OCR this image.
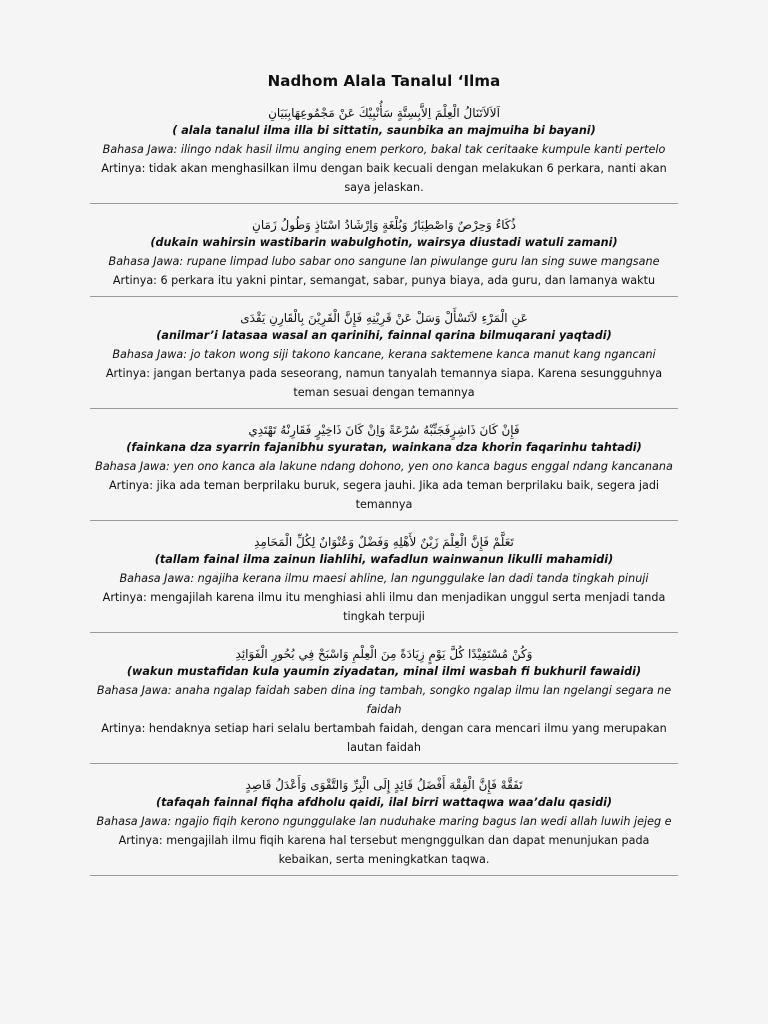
Nadhom Alala Tanalul ‘Ilma
اَلاَلاَتَنَالُ الْعِلْمَ اِلاَّبِسِتَّةٍ سَأُنْبِيْكَ عَنْ مَجْمُوعِهَابِبَيَانِ
( alala tanalul ilma illa bi sittatin, saunbika an majmuiha bi bayani)
Bahasa Jawa: ilingo ndak hasil ilmu anging enem perkoro, bakal tak ceritaake kumpule kanti pertelo
Artinya: tidak akan menghasilkan ilmu dengan baik kecuali dengan melakukan 6 perkara, nanti akan saya jelaskan.
ذُكَاءٌ وَحِرْصٌ وَاصْطِبَارٌ وَبُلْغَةٍ وَاِرْشَادُ اسْتَاذٍ وَطُولُ زَمَانِ
(dukain wahirsin wastibarin wabulghotin, wairsya diustadi watuli zamani)
Bahasa Jawa: rupane limpad lubo sabar ono sangune lan piwulange guru lan sing suwe mangsane
Artinya: 6 perkara itu yakni pintar, semangat, sabar, punya biaya, ada guru, dan lamanya waktu
عَنِ الْمَرْءِ لاَتَسْأَلْ وَسَلْ عَنْ قَرِيْنِهِ فَإِنَّ الْقَرِيْنَ بِالْقَارِنِ يَقْدَى
(anilmar’i latasaa wasal an qarinihi, fainnal qarina bilmuqarani yaqtadi)
Bahasa Jawa: jo takon wong siji takono kancane, kerana saktemene kanca manut kang ngancani
Artinya: jangan bertanya pada seseorang, namun tanyalah temannya siapa. Karena sesungguhnya teman sesuai dengan temannya
فَإِنْ كَانَ ذَاشِرٍفَجَنِّبْهُ سُرْعَةً وَاِنْ كَانَ ذَاخِيْرٍ فَقَارِنْهُ تَهْتَدِي
(fainkana dza syarrin fajanibhu syuratan, wainkana dza khorin faqarinhu tahtadi)
Bahasa Jawa: yen ono kanca ala lakune ndang dohono, yen ono kanca bagus enggal ndang kancanana
Artinya: jika ada teman berprilaku buruk, segera jauhi. Jika ada teman berprilaku baik, segera jadi temannya
تَعَلَّمْ فَإِنَّ الْعِلْمَ زَيْنٌ لأَهْلِهِ وَفَضْلٌ وَعُنْوَانٌ لِكُلِّ الْمَحَامِدِ
(tallam fainal ilma zainun liahlihi, wafadlun wainwanun likulli mahamidi)
Bahasa Jawa: ngajiha kerana ilmu maesi ahline, lan ngunggulake lan dadi tanda tingkah pinuji
Artinya: mengajilah karena ilmu itu menghiasi ahli ilmu dan menjadikan unggul serta menjadi tanda tingkah terpuji
وَكُنْ مُسْتَفِيْدًا كُلَّ يَوْمٍ زِيَادَةً مِنَ الْعِلْمِ وَاسْبَحْ فِي بُحُورِ الْفَوَائِدِ
(wakun mustafidan kula yaumin ziyadatan, minal ilmi wasbah fi bukhuril fawaidi)
Bahasa Jawa: anaha ngalap faidah saben dina ing tambah, songko ngalap ilmu lan ngelangi segara ne faidah
Artinya: hendaknya setiap hari selalu bertambah faidah, dengan cara mencari ilmu yang merupakan lautan faidah
تَفَقَّهْ فَإِنَّ الْفِقْهَ أَفْضَلُ قَائِدٍ إِلَى الْبِرِّ وَالتَّقْوَى وَأَعْدَلُ قَاصِدٍ
(tafaqah fainnal fiqha afdholu qaidi, ilal birri wattaqwa waa’dalu qasidi)
Bahasa Jawa: ngajio fiqih kerono ngunggulake lan nuduhake maring bagus lan wedi allah luwih jejeg e
Artinya: mengajilah ilmu fiqih karena hal tersebut mengnggulkan dan dapat menunjukan pada kebaikan, serta meningkatkan taqwa.
